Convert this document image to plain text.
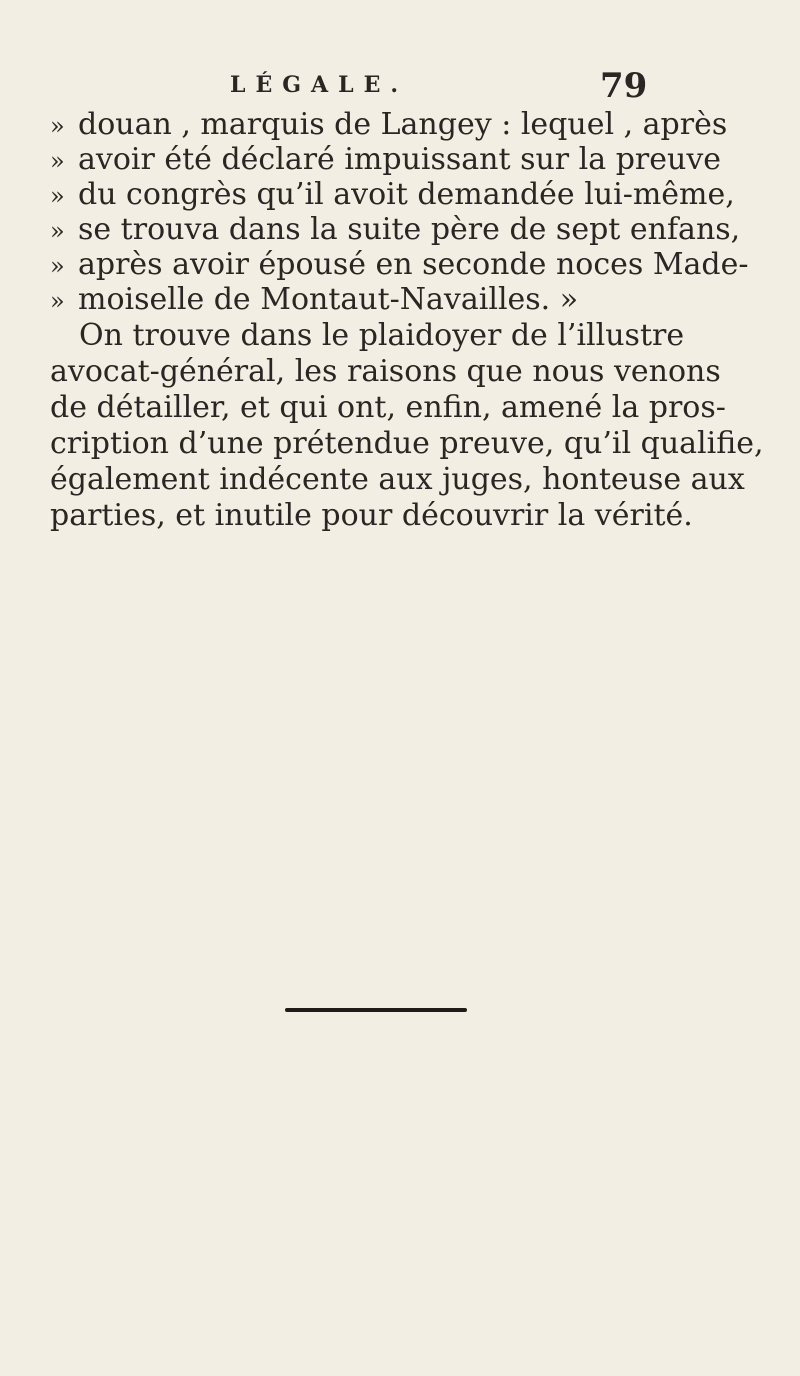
LÉGALE.	79
» douan , marquis de Langey : lequel , après
» avoir été déclaré impuissant sur la preuve
» du congrès qu’il avoit demandée lui-même,
» se trouva dans la suite père de sept enfans,
» après avoir épousé en seconde noces Made-
» moiselle de Montaut-Navailles. »
On trouve dans le plaidoyer de l’illustre
avocat-général, les raisons que nous venons
de détailler, et qui ont, enfin, amené la pros-
cription d’une prétendue preuve, qu’il qualifie,
également indécente aux juges, honteuse aux
parties, et inutile pour découvrir la vérité.
